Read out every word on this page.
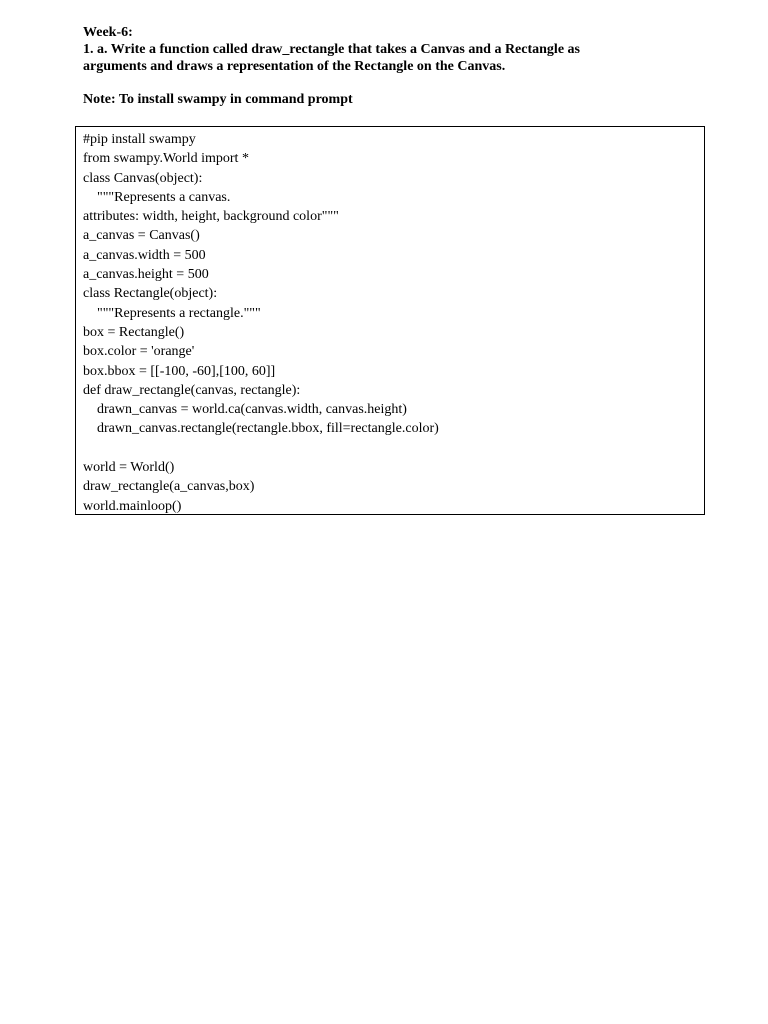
Week-6:
1. a. Write a function called draw_rectangle that takes a Canvas and a Rectangle as
arguments and draws a representation of the Rectangle on the Canvas.
Note: To install swampy in command prompt
#pip install swampy
from swampy.World import *
class Canvas(object):
"""Represents a canvas.
attributes: width, height, background color"""
a_canvas = Canvas()
a_canvas.width = 500
a_canvas.height = 500
class Rectangle(object):
"""Represents a rectangle."""
box = Rectangle()
box.color = 'orange'
box.bbox = [[-100, -60],[100, 60]]
def draw_rectangle(canvas, rectangle):
drawn_canvas = world.ca(canvas.width, canvas.height)
drawn_canvas.rectangle(rectangle.bbox, fill=rectangle.color)
world = World()
draw_rectangle(a_canvas,box)
world.mainloop()
